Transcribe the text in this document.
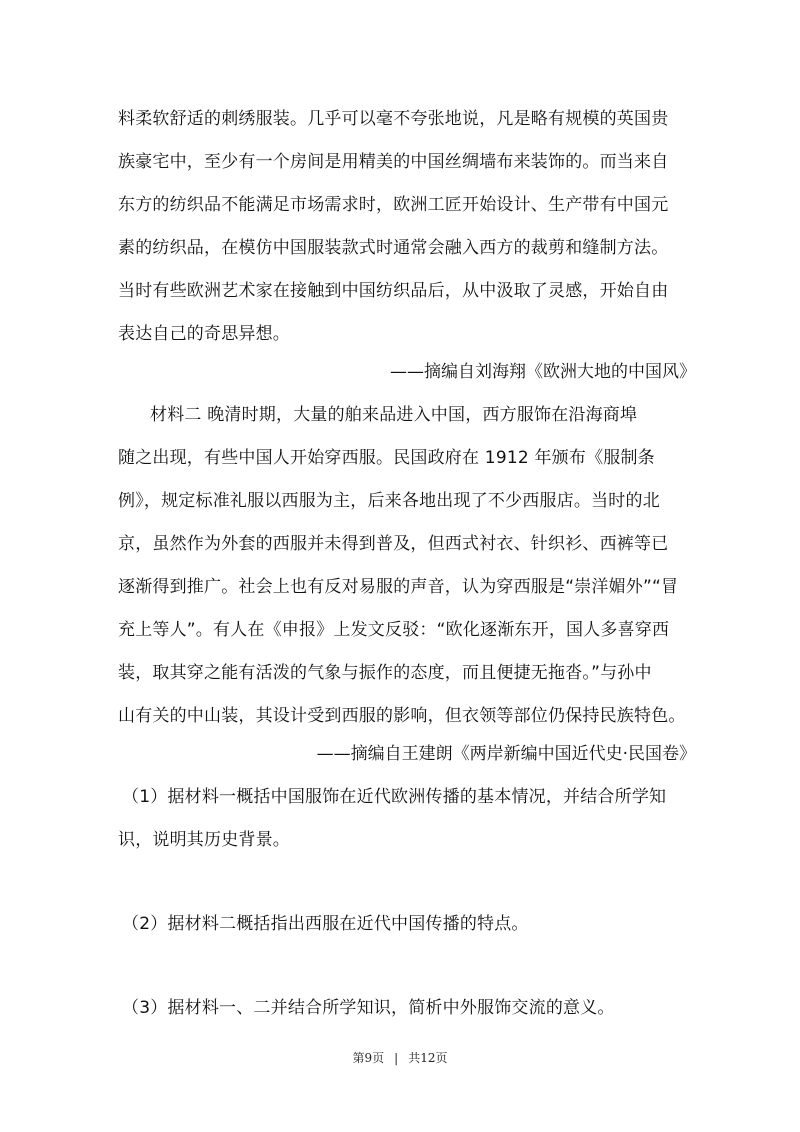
料柔软舒适的刺绣服装。几乎可以毫不夸张地说，凡是略有规模的英国贵
族豪宅中，至少有一个房间是用精美的中国丝绸墙布来装饰的。而当来自
东方的纺织品不能满足市场需求时，欧洲工匠开始设计、生产带有中国元
素的纺织品，在模仿中国服装款式时通常会融入西方的裁剪和缝制方法。
当时有些欧洲艺术家在接触到中国纺织品后，从中汲取了灵感，开始自由
表达自己的奇思异想。
——摘编自刘海翔《欧洲大地的中国风》
材料二 晚清时期，大量的舶来品进入中国，西方服饰在沿海商埠
随之出现，有些中国人开始穿西服。民国政府在 1912 年颁布《服制条
例》，规定标准礼服以西服为主，后来各地出现了不少西服店。当时的北
京，虽然作为外套的西服并未得到普及，但西式衬衣、针织衫、西裤等已
逐渐得到推广。社会上也有反对易服的声音，认为穿西服是“崇洋媚外”“冒
充上等人”。有人在《申报》上发文反驳：“欧化逐渐东开，国人多喜穿西
装，取其穿之能有活泼的气象与振作的态度，而且便捷无拖沓。”与孙中
山有关的中山装，其设计受到西服的影响，但衣领等部位仍保持民族特色。
——摘编自王建朗《两岸新编中国近代史·民国卷》
（1）据材料一概括中国服饰在近代欧洲传播的基本情况，并结合所学知
识，说明其历史背景。
（2）据材料二概括指出西服在近代中国传播的特点。
（3）据材料一、二并结合所学知识，简析中外服饰交流的意义。
第9页 | 共12页
